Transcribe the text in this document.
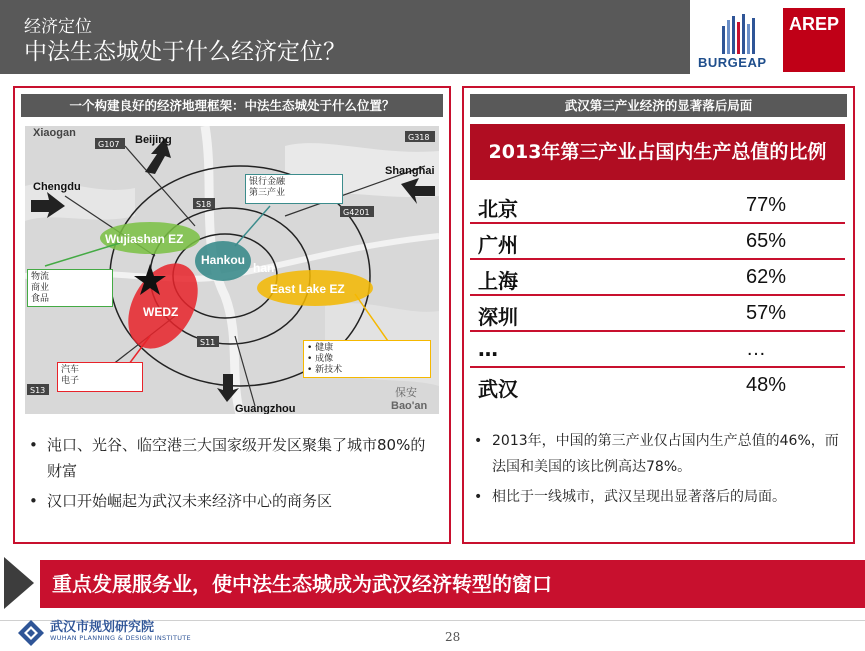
经济定位
中法生态城处于什么经济定位？	BURGEAP
AREP
一个构建良好的经济地理框架：中法生态城处于什么位置？
G107
G318
S18
G4201
S11
S13
Xiaogan
Beijing
Chengdu
Shanghai
Guangzhou	Bao'an
保安
Wujiashan EZ
Hankou
han
East Lake EZ
WEDZ
银行金融
第三产业
物流
商业
食品
• 健康
• 成像
• 新技术
汽车
电子
• 沌口、光谷、临空港三大国家级开发区聚集了城市80%的财富
• 汉口开始崛起为武汉未来经济中心的商务区
武汉第三产业经济的显著落后局面
2013年第三产业占国内生产总值的比例
北京	77%
广州	65%
上海	62%
深圳	57%
…	…
武汉	48%
• 2013年，中国的第三产业仅占国内生产总值的46%，而法国和美国的该比例高达78%。
• 相比于一线城市，武汉呈现出显著落后的局面。
重点发展服务业，使中法生态城成为武汉经济转型的窗口
武汉市规划研究院
WUHAN PLANNING & DESIGN INSTITUTE	28
